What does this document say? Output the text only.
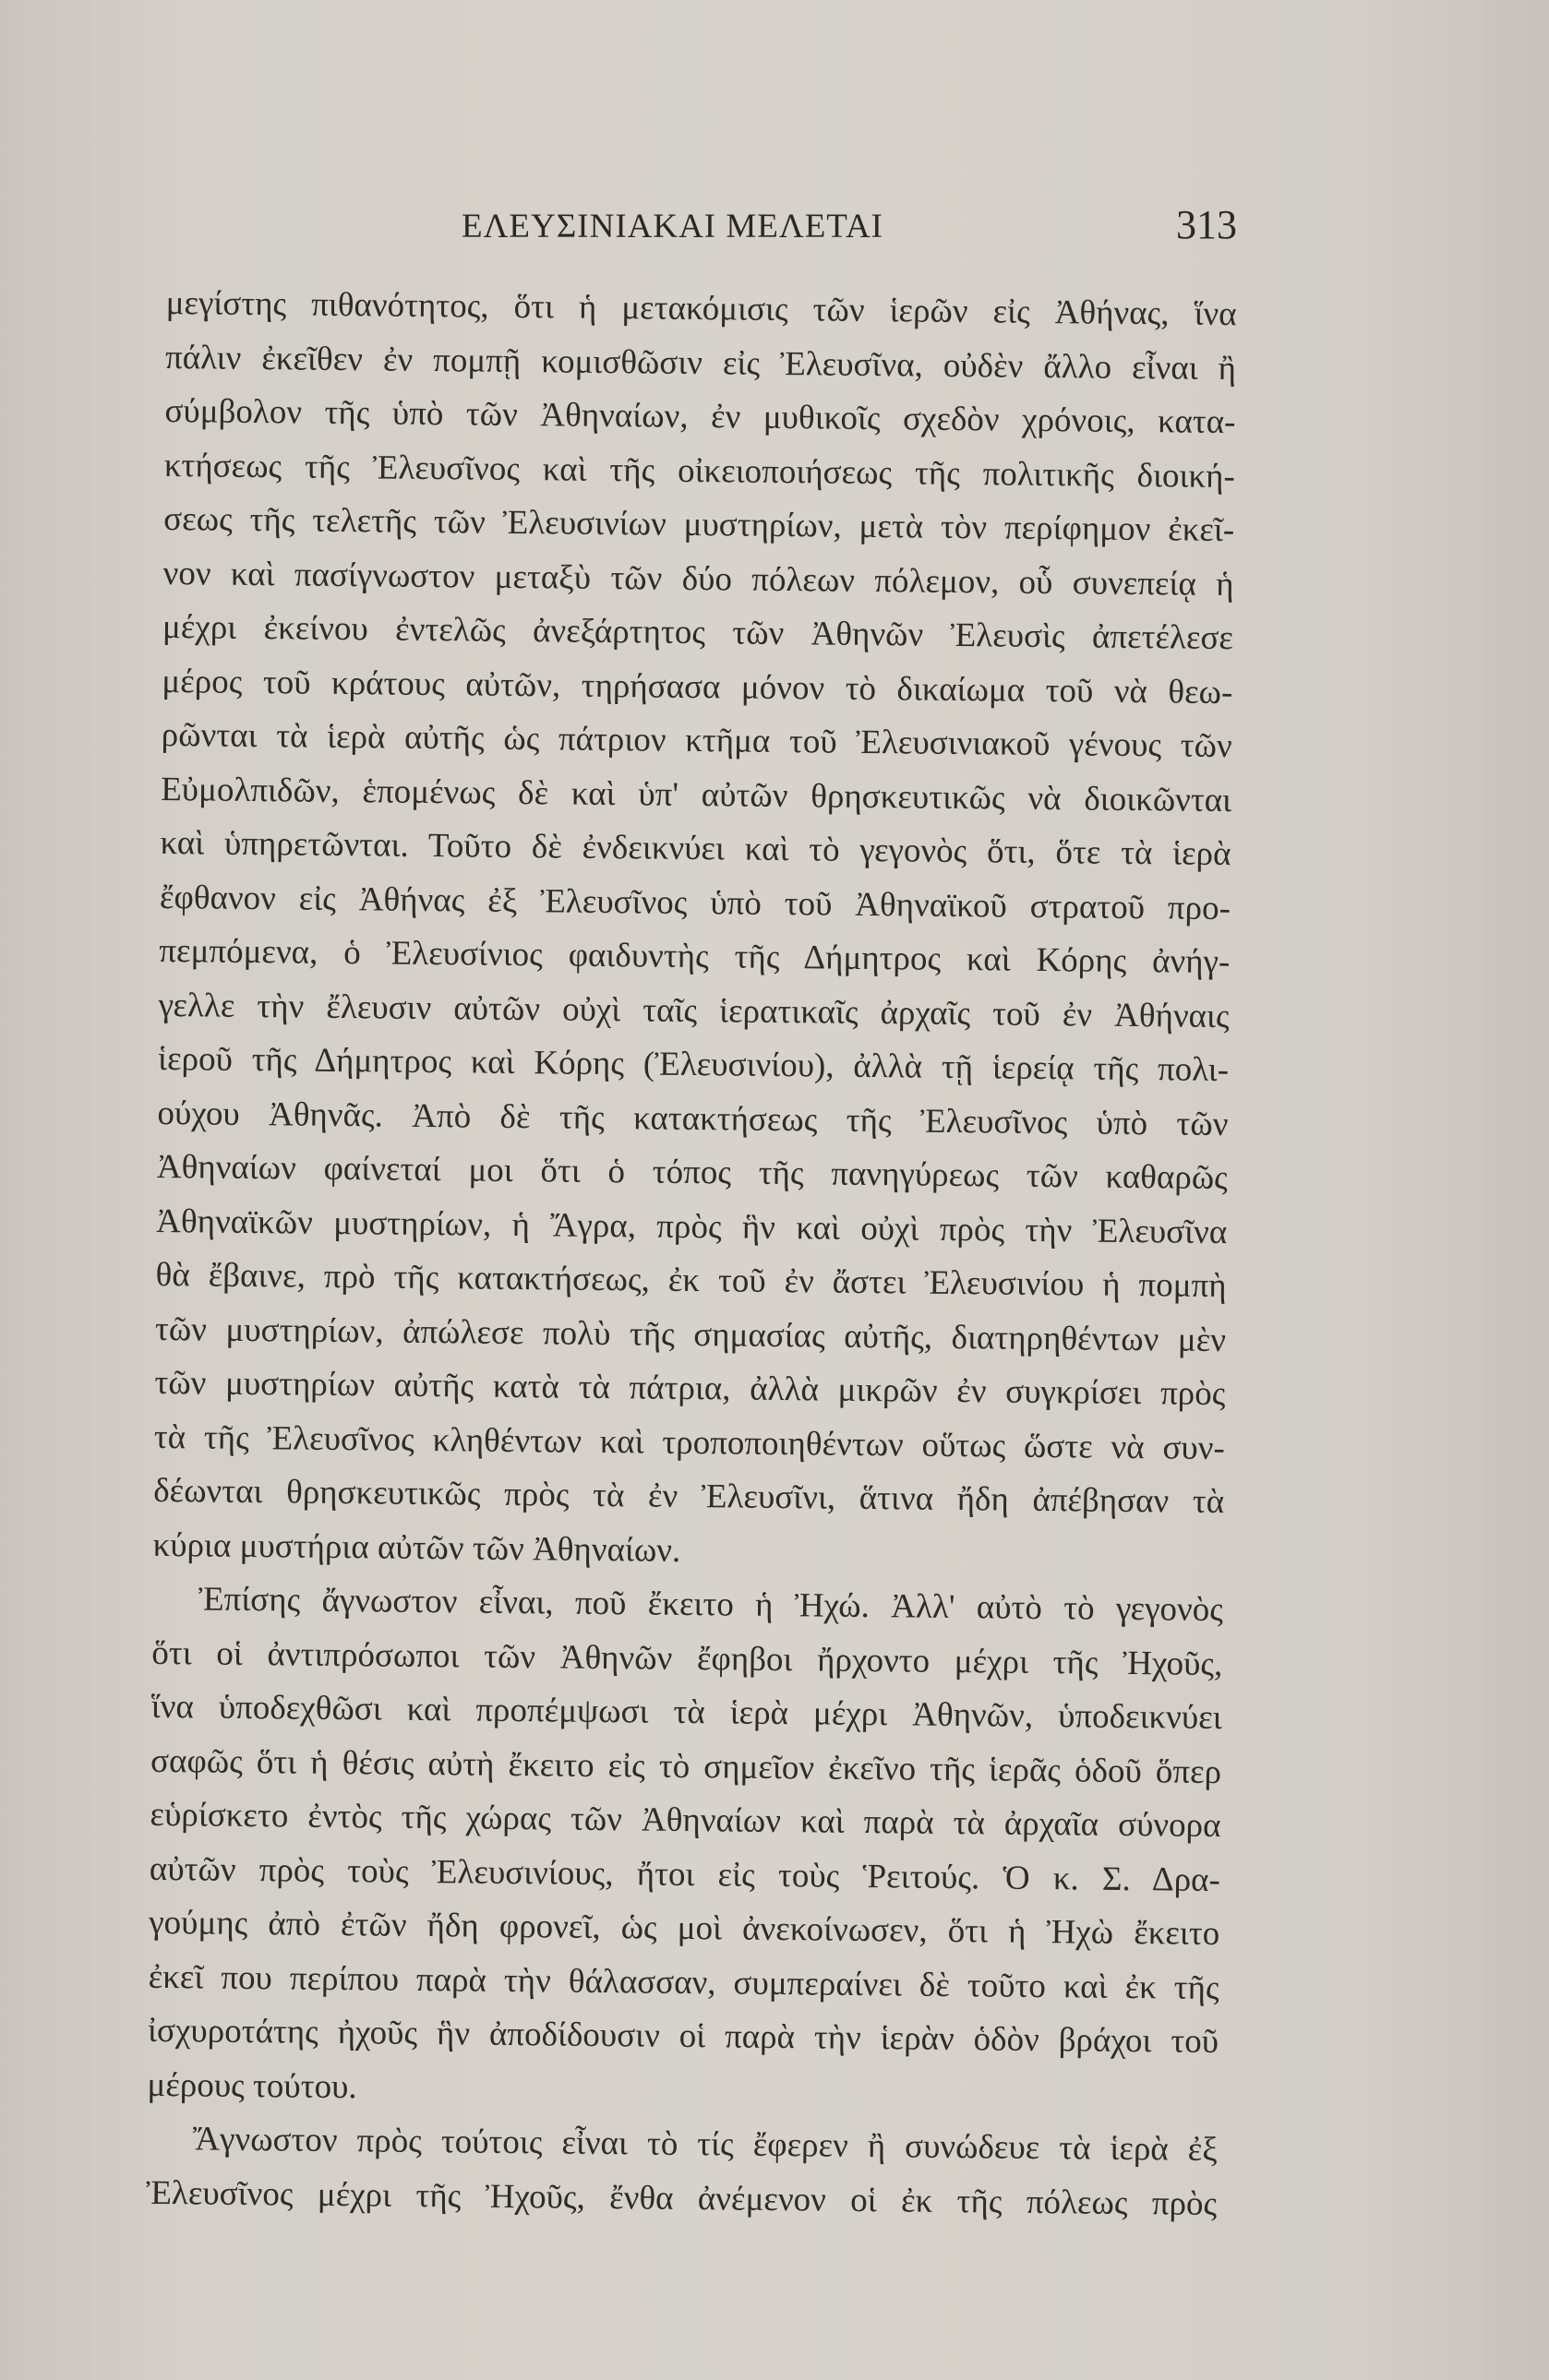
ΕΛΕΥΣΙΝΙΑΚΑΙ ΜΕΛΕΤΑΙ	313
μεγίστης πιθανότητος, ὅτι ἡ μετακόμισις τῶν ἱερῶν εἰς Ἀθήνας, ἵνα
πάλιν ἐκεῖθεν ἐν πομπῇ κομισθῶσιν εἰς Ἐλευσῖνα, οὐδὲν ἄλλο εἶναι ἢ
σύμβολον τῆς ὑπὸ τῶν Ἀθηναίων, ἐν μυθικοῖς σχεδὸν χρόνοις, κατα-
κτήσεως τῆς Ἐλευσῖνος καὶ τῆς οἰκειοποιήσεως τῆς πολιτικῆς διοική-
σεως τῆς τελετῆς τῶν Ἐλευσινίων μυστηρίων, μετὰ τὸν περίφημον ἐκεῖ-
νον καὶ πασίγνωστον μεταξὺ τῶν δύο πόλεων πόλεμον, οὗ συνεπείᾳ ἡ
μέχρι ἐκείνου ἐντελῶς ἀνεξάρτητος τῶν Ἀθηνῶν Ἐλευσὶς ἀπετέλεσε
μέρος τοῦ κράτους αὐτῶν, τηρήσασα μόνον τὸ δικαίωμα τοῦ νὰ θεω-
ρῶνται τὰ ἱερὰ αὐτῆς ὡς πάτριον κτῆμα τοῦ Ἐλευσινιακοῦ γένους τῶν
Εὐμολπιδῶν, ἑπομένως δὲ καὶ ὑπ' αὐτῶν θρησκευτικῶς νὰ διοικῶνται
καὶ ὑπηρετῶνται. Τοῦτο δὲ ἐνδεικνύει καὶ τὸ γεγονὸς ὅτι, ὅτε τὰ ἱερὰ
ἔφθανον εἰς Ἀθήνας ἐξ Ἐλευσῖνος ὑπὸ τοῦ Ἀθηναϊκοῦ στρατοῦ προ-
πεμπόμενα, ὁ Ἐλευσίνιος φαιδυντὴς τῆς Δήμητρος καὶ Κόρης ἀνήγ-
γελλε τὴν ἔλευσιν αὐτῶν οὐχὶ ταῖς ἱερατικαῖς ἀρχαῖς τοῦ ἐν Ἀθήναις
ἱεροῦ τῆς Δήμητρος καὶ Κόρης (Ἐλευσινίου), ἀλλὰ τῇ ἱερείᾳ τῆς πολι-
ούχου Ἀθηνᾶς. Ἀπὸ δὲ τῆς κατακτήσεως τῆς Ἐλευσῖνος ὑπὸ τῶν
Ἀθηναίων φαίνεταί μοι ὅτι ὁ τόπος τῆς πανηγύρεως τῶν καθαρῶς
Ἀθηναϊκῶν μυστηρίων, ἡ Ἄγρα, πρὸς ἣν καὶ οὐχὶ πρὸς τὴν Ἐλευσῖνα
θὰ ἔβαινε, πρὸ τῆς κατακτήσεως, ἐκ τοῦ ἐν ἄστει Ἐλευσινίου ἡ πομπὴ
τῶν μυστηρίων, ἀπώλεσε πολὺ τῆς σημασίας αὐτῆς, διατηρηθέντων μὲν
τῶν μυστηρίων αὐτῆς κατὰ τὰ πάτρια, ἀλλὰ μικρῶν ἐν συγκρίσει πρὸς
τὰ τῆς Ἐλευσῖνος κληθέντων καὶ τροποποιηθέντων οὕτως ὥστε νὰ συν-
δέωνται θρησκευτικῶς πρὸς τὰ ἐν Ἐλευσῖνι, ἅτινα ἤδη ἀπέβησαν τὰ
κύρια μυστήρια αὐτῶν τῶν Ἀθηναίων.
Ἐπίσης ἄγνωστον εἶναι, ποῦ ἔκειτο ἡ Ἠχώ. Ἀλλ' αὐτὸ τὸ γεγονὸς
ὅτι οἱ ἀντιπρόσωποι τῶν Ἀθηνῶν ἔφηβοι ἤρχοντο μέχρι τῆς Ἠχοῦς,
ἵνα ὑποδεχθῶσι καὶ προπέμψωσι τὰ ἱερὰ μέχρι Ἀθηνῶν, ὑποδεικνύει
σαφῶς ὅτι ἡ θέσις αὐτὴ ἔκειτο εἰς τὸ σημεῖον ἐκεῖνο τῆς ἱερᾶς ὁδοῦ ὅπερ
εὑρίσκετο ἐντὸς τῆς χώρας τῶν Ἀθηναίων καὶ παρὰ τὰ ἀρχαῖα σύνορα
αὐτῶν πρὸς τοὺς Ἐλευσινίους, ἤτοι εἰς τοὺς Ῥειτούς. Ὁ κ. Σ. Δρα-
γούμης ἀπὸ ἐτῶν ἤδη φρονεῖ, ὡς μοὶ ἀνεκοίνωσεν, ὅτι ἡ Ἠχὼ ἔκειτο
ἐκεῖ που περίπου παρὰ τὴν θάλασσαν, συμπεραίνει δὲ τοῦτο καὶ ἐκ τῆς
ἰσχυροτάτης ἠχοῦς ἣν ἀποδίδουσιν οἱ παρὰ τὴν ἱερὰν ὁδὸν βράχοι τοῦ
μέρους τούτου.
Ἄγνωστον πρὸς τούτοις εἶναι τὸ τίς ἔφερεν ἢ συνώδευε τὰ ἱερὰ ἐξ
Ἐλευσῖνος μέχρι τῆς Ἠχοῦς, ἔνθα ἀνέμενον οἱ ἐκ τῆς πόλεως πρὸς
